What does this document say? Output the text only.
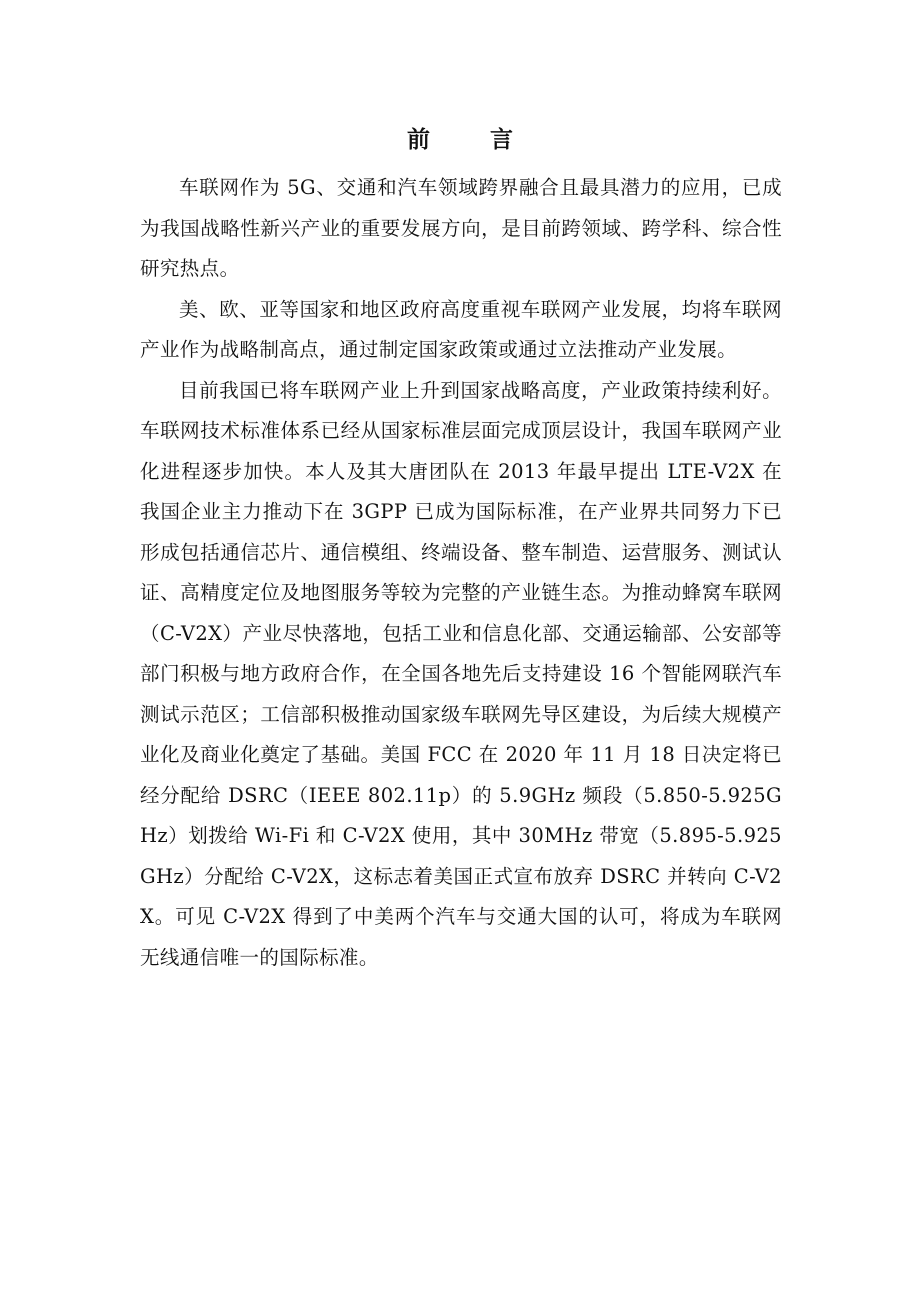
前 言

车联网作为 5G、交通和汽车领域跨界融合且最具潜力的应用，已成为我国战略性新兴产业的重要发展方向，是目前跨领域、跨学科、综合性研究热点。

美、欧、亚等国家和地区政府高度重视车联网产业发展，均将车联网产业作为战略制高点，通过制定国家政策或通过立法推动产业发展。

目前我国已将车联网产业上升到国家战略高度，产业政策持续利好。车联网技术标准体系已经从国家标准层面完成顶层设计，我国车联网产业化进程逐步加快。本人及其大唐团队在 2013 年最早提出 LTE-V2X 在我国企业主力推动下在 3GPP 已成为国际标准，在产业界共同努力下已形成包括通信芯片、通信模组、终端设备、整车制造、运营服务、测试认证、高精度定位及地图服务等较为完整的产业链生态。为推动蜂窝车联网（C-V2X）产业尽快落地，包括工业和信息化部、交通运输部、公安部等部门积极与地方政府合作，在全国各地先后支持建设 16 个智能网联汽车测试示范区；工信部积极推动国家级车联网先导区建设，为后续大规模产业化及商业化奠定了基础。美国 FCC 在 2020 年 11 月 18 日决定将已经分配给 DSRC（IEEE 802.11p）的 5.9GHz 频段（5.850-5.925GHz）划拨给 Wi-Fi 和 C-V2X 使用，其中 30MHz 带宽（5.895-5.925GHz）分配给 C-V2X，这标志着美国正式宣布放弃 DSRC 并转向 C-V2X。可见 C-V2X 得到了中美两个汽车与交通大国的认可，将成为车联网无线通信唯一的国际标准。
